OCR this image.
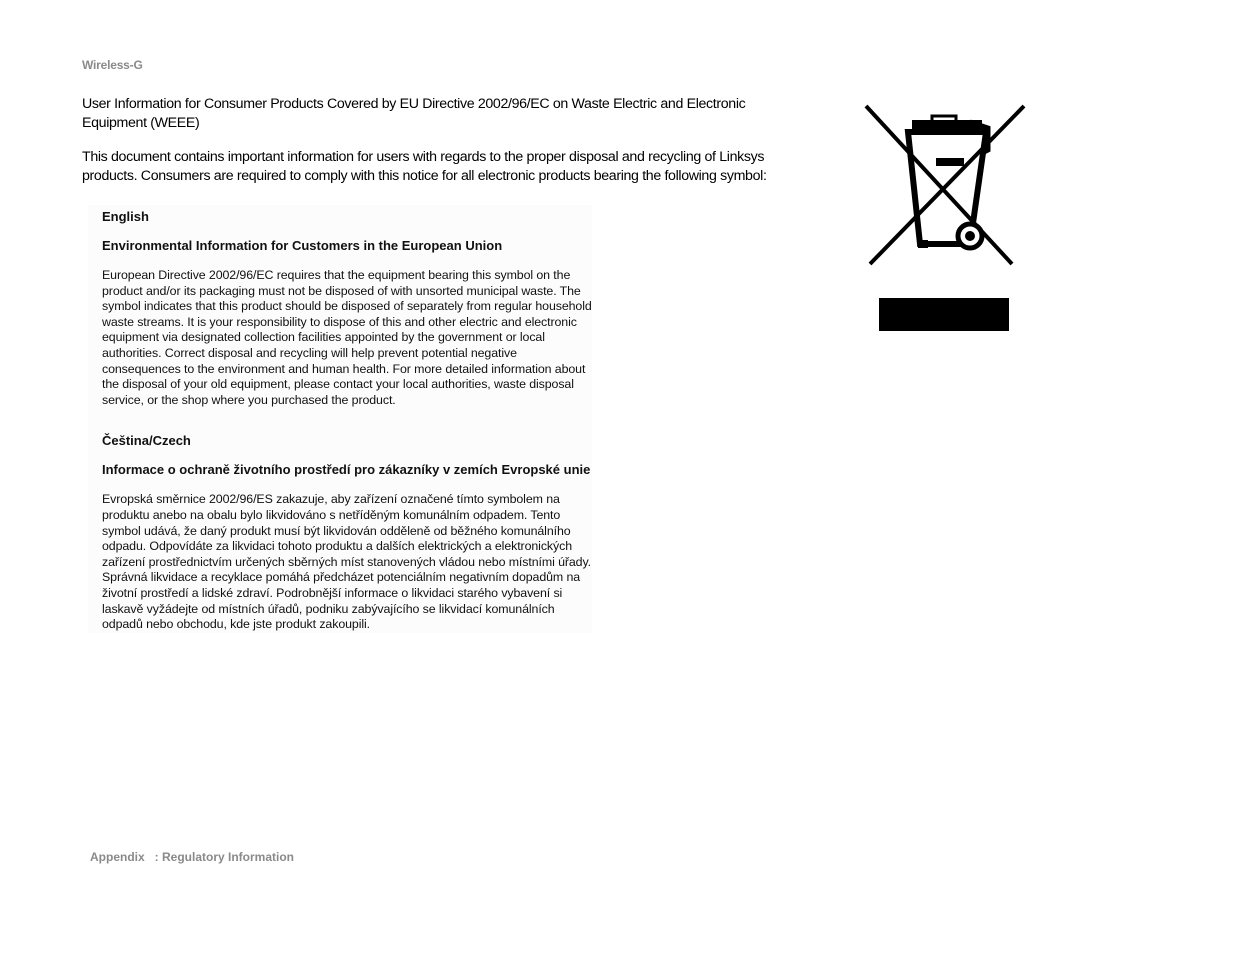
Wireless-G
User Information for Consumer Products Covered by EU Directive 2002/96/EC on Waste Electric and Electronic Equipment (WEEE)
This document contains important information for users with regards to the proper disposal and recycling of Linksys products. Consumers are required to comply with this notice for all electronic products bearing the following symbol:
English
Environmental Information for Customers in the European Union

European Directive 2002/96/EC requires that the equipment bearing this symbol on the product and/or its packaging must not be disposed of with unsorted municipal waste. The symbol indicates that this product should be disposed of separately from regular household waste streams. It is your responsibility to dispose of this and other electric and electronic equipment via designated collection facilities appointed by the government or local authorities. Correct disposal and recycling will help prevent potential negative consequences to the environment and human health. For more detailed information about the disposal of your old equipment, please contact your local authorities, waste disposal service, or the shop where you purchased the product.

Čeština/Czech
Informace o ochraně životního prostředí pro zákazníky v zemích Evropské unie

Evropská směrnice 2002/96/ES zakazuje, aby zařízení označené tímto symbolem na produktu anebo na obalu bylo likvidováno s netříděným komunálním odpadem. Tento symbol udává, že daný produkt musí být likvidován odděleně od běžného komunálního odpadu. Odpovídáte za likvidaci tohoto produktu a dalších elektrických a elektronických zařízení prostřednictvím určených sběrných míst stanovených vládou nebo místními úřady. Správná likvidace a recyklace pomáhá předcházet potenciálním negativním dopadům na životní prostředí a lidské zdraví. Podrobnější informace o likvidaci starého vybavení si laskavě vyžádejte od místních úřadů, podniku zabývajícího se likvidací komunálních odpadů nebo obchodu, kde jste produkt zakoupili.

Appendix : Regulatory Information
